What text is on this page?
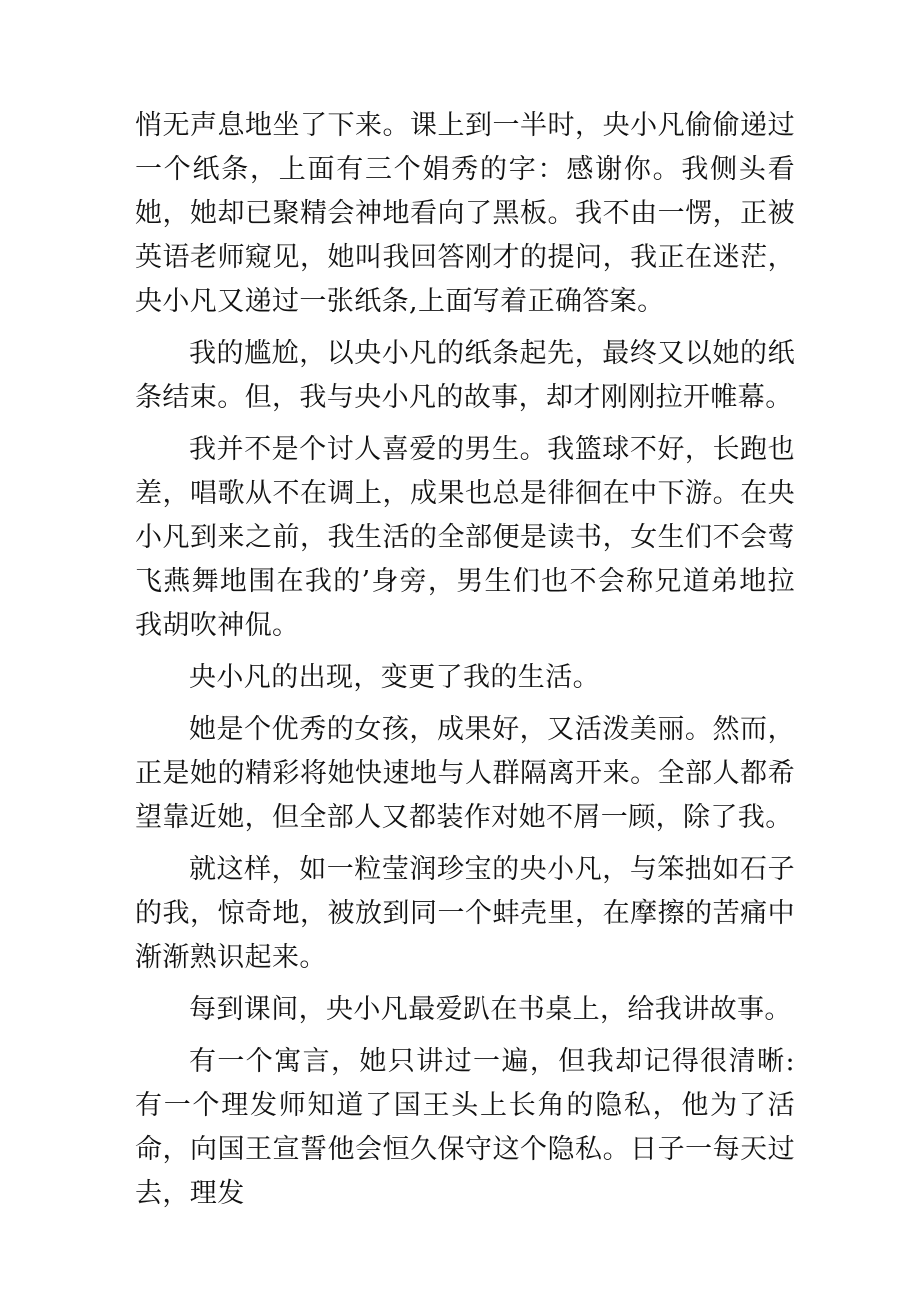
悄无声息地坐了下来。课上到一半时，央小凡偷偷递过一个纸条，上面有三个娟秀的字：感谢你。我侧头看她，她却已聚精会神地看向了黑板。我不由一愣，正被英语老师窥见，她叫我回答刚才的提问，我正在迷茫，央小凡又递过一张纸条,上面写着正确答案。

我的尴尬，以央小凡的纸条起先，最终又以她的纸条结束。但，我与央小凡的故事，却才刚刚拉开帷幕。

我并不是个讨人喜爱的男生。我篮球不好，长跑也差，唱歌从不在调上，成果也总是徘徊在中下游。在央小凡到来之前，我生活的全部便是读书，女生们不会莺飞燕舞地围在我的’身旁，男生们也不会称兄道弟地拉我胡吹神侃。

央小凡的出现，变更了我的生活。

她是个优秀的女孩，成果好，又活泼美丽。然而，正是她的精彩将她快速地与人群隔离开来。全部人都希望靠近她，但全部人又都装作对她不屑一顾，除了我。

就这样，如一粒莹润珍宝的央小凡，与笨拙如石子的我，惊奇地，被放到同一个蚌壳里，在摩擦的苦痛中渐渐熟识起来。

每到课间，央小凡最爱趴在书桌上，给我讲故事。

有一个寓言，她只讲过一遍，但我却记得很清晰:有一个理发师知道了国王头上长角的隐私，他为了活命，向国王宣誓他会恒久保守这个隐私。日子一每天过去，理发
